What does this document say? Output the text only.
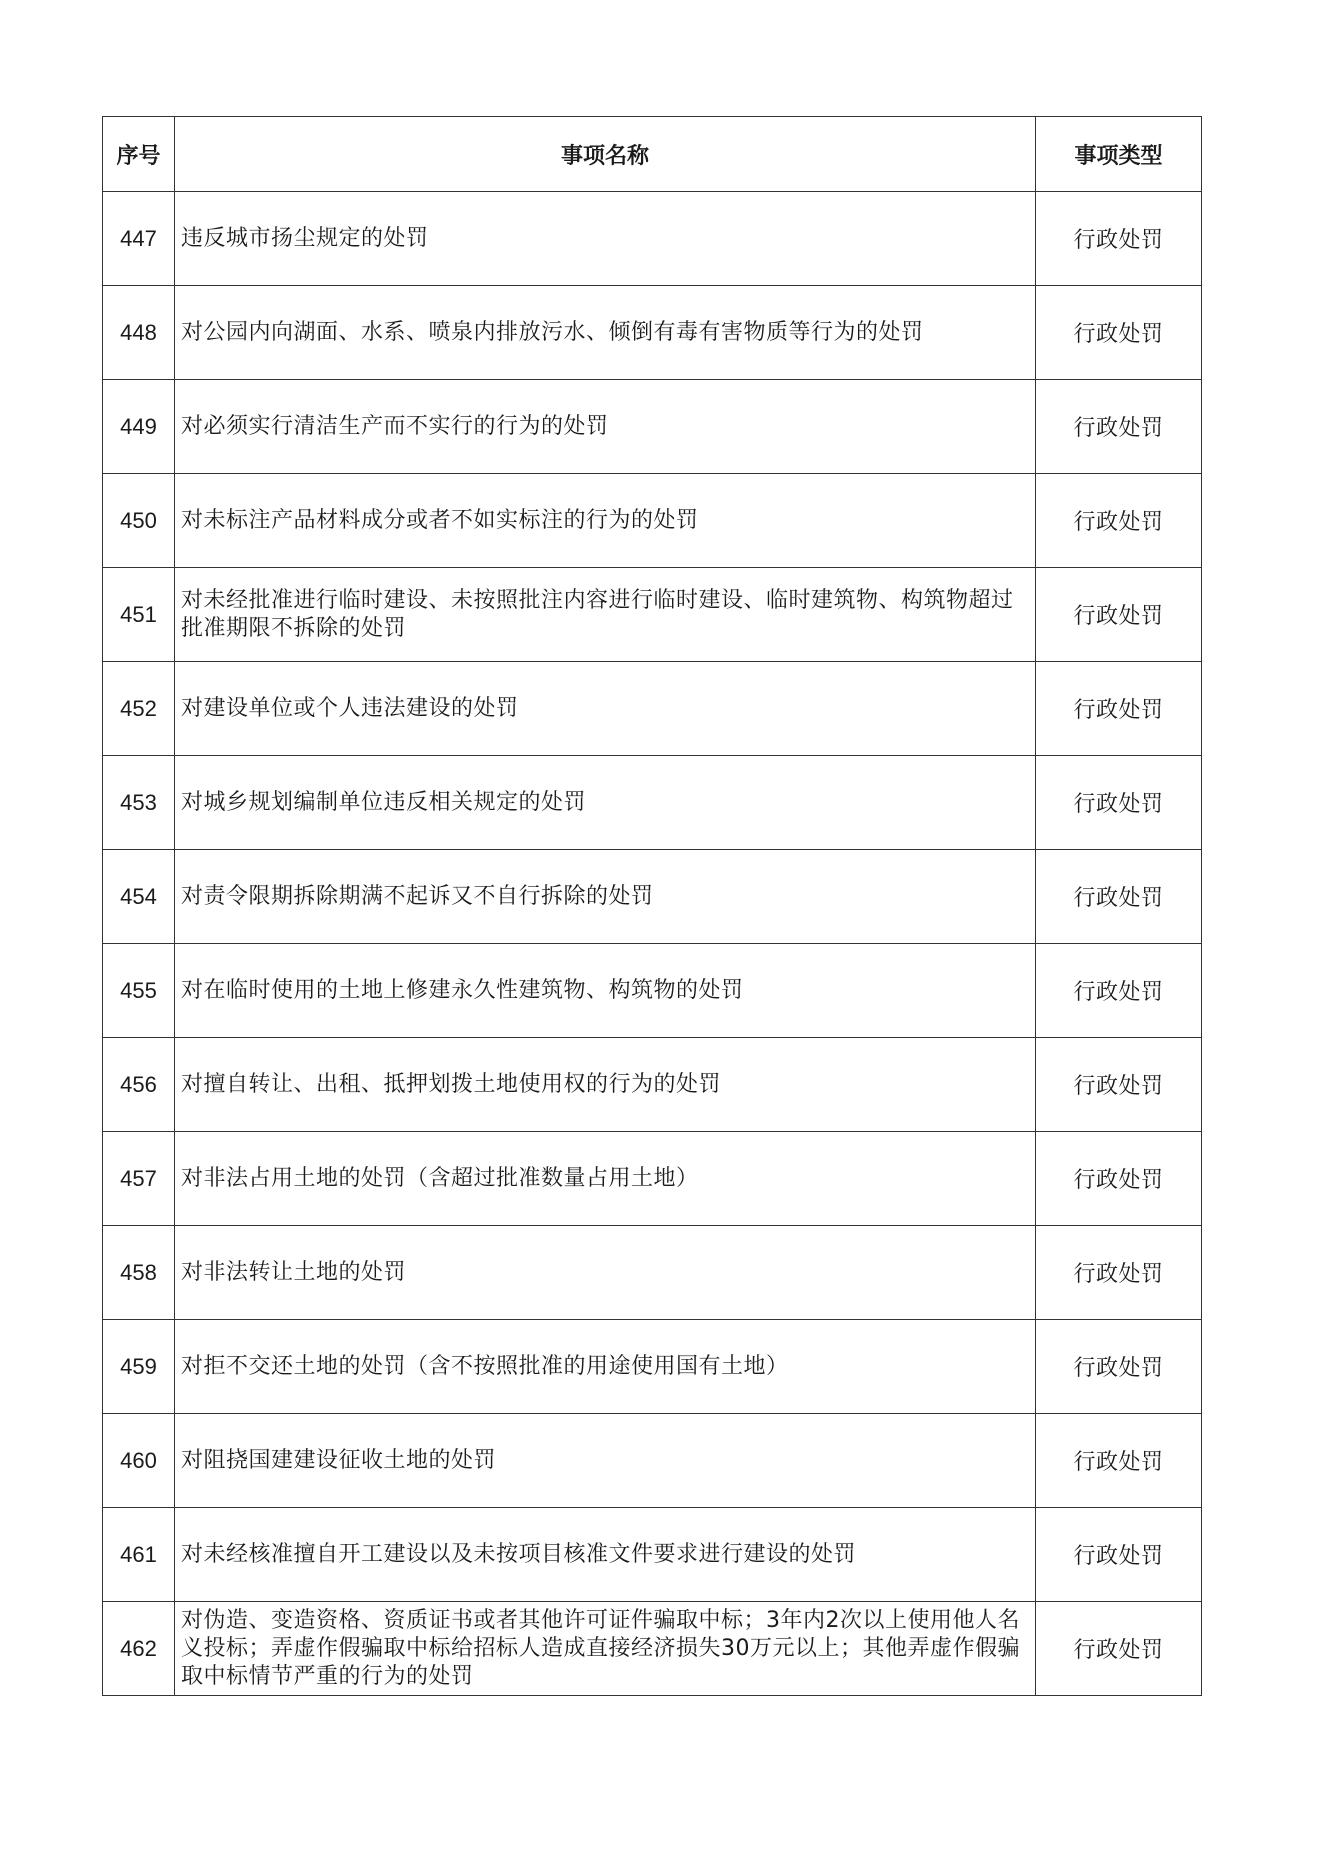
序号	事项名称	事项类型
447	违反城市扬尘规定的处罚	行政处罚
448	对公园内向湖面、水系、喷泉内排放污水、倾倒有毒有害物质等行为的处罚	行政处罚
449	对必须实行清洁生产而不实行的行为的处罚	行政处罚
450	对未标注产品材料成分或者不如实标注的行为的处罚	行政处罚
451	对未经批准进行临时建设、未按照批注内容进行临时建设、临时建筑物、构筑物超过批准期限不拆除的处罚	行政处罚
452	对建设单位或个人违法建设的处罚	行政处罚
453	对城乡规划编制单位违反相关规定的处罚	行政处罚
454	对责令限期拆除期满不起诉又不自行拆除的处罚	行政处罚
455	对在临时使用的土地上修建永久性建筑物、构筑物的处罚	行政处罚
456	对擅自转让、出租、抵押划拨土地使用权的行为的处罚	行政处罚
457	对非法占用土地的处罚（含超过批准数量占用土地）	行政处罚
458	对非法转让土地的处罚	行政处罚
459	对拒不交还土地的处罚（含不按照批准的用途使用国有土地）	行政处罚
460	对阻挠国建建设征收土地的处罚	行政处罚
461	对未经核准擅自开工建设以及未按项目核准文件要求进行建设的处罚	行政处罚
462	对伪造、变造资格、资质证书或者其他许可证件骗取中标；3年内2次以上使用他人名义投标；弄虚作假骗取中标给招标人造成直接经济损失30万元以上；其他弄虚作假骗取中标情节严重的行为的处罚	行政处罚
